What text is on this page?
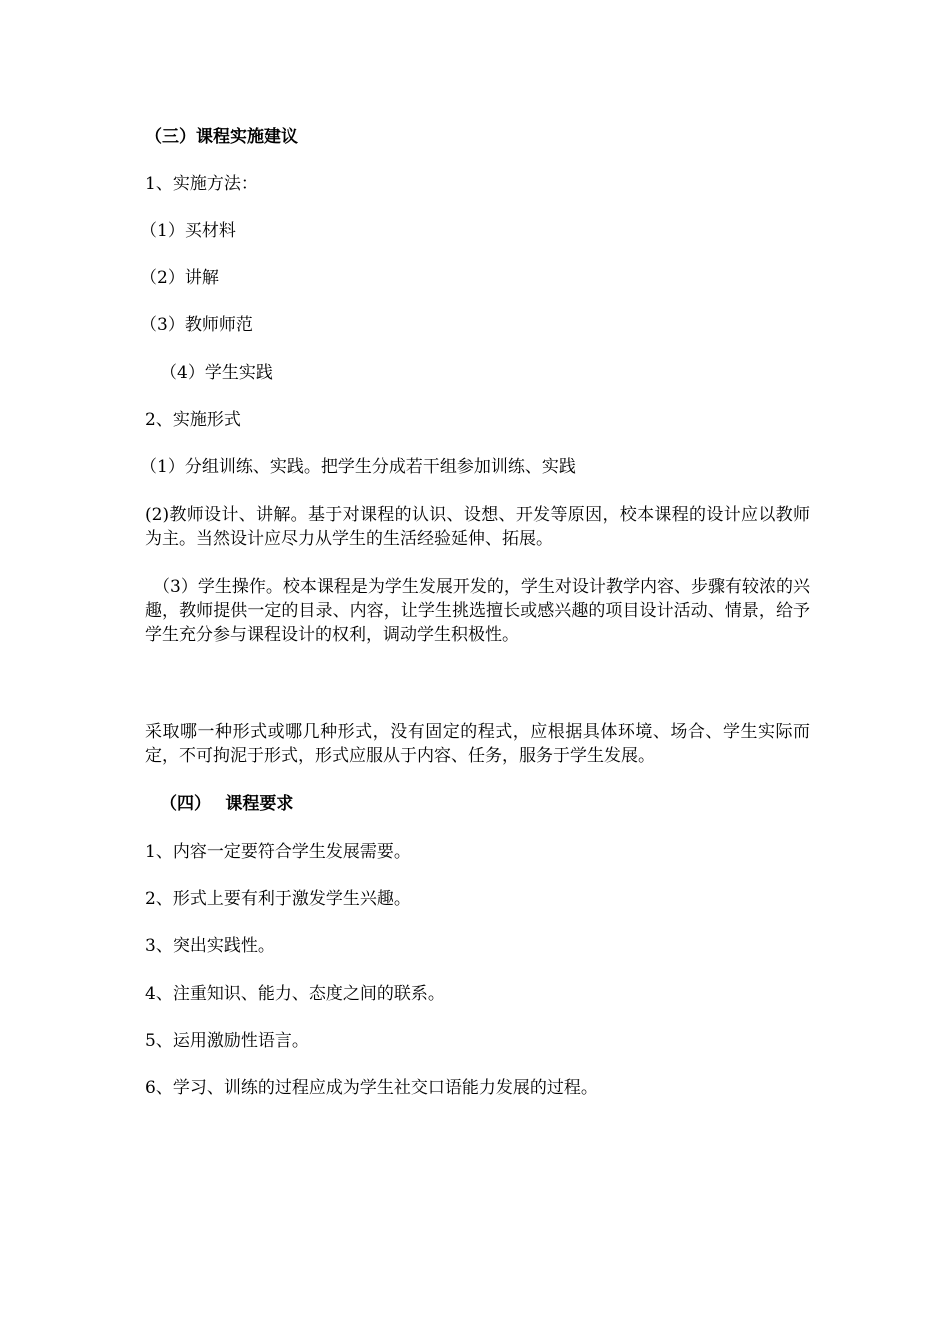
（三）课程实施建议
1、实施方法：
（1）买材料
（2）讲解
（3）教师师范
（4）学生实践
2、实施形式
（1）分组训练、实践。把学生分成若干组参加训练、实践
(2)教师设计、讲解。基于对课程的认识、设想、开发等原因，校本课程的设计应以教师为主。当然设计应尽力从学生的生活经验延伸、拓展。
（3）学生操作。校本课程是为学生发展开发的，学生对设计教学内容、步骤有较浓的兴趣，教师提供一定的目录、内容，让学生挑选擅长或感兴趣的项目设计活动、情景，给予学生充分参与课程设计的权利，调动学生积极性。
采取哪一种形式或哪几种形式，没有固定的程式，应根据具体环境、场合、学生实际而定，不可拘泥于形式，形式应服从于内容、任务，服务于学生发展。
（四）　 课程要求
1、内容一定要符合学生发展需要。
2、形式上要有利于激发学生兴趣。
3、突出实践性。
4、注重知识、能力、态度之间的联系。
5、运用激励性语言。
6、学习、训练的过程应成为学生社交口语能力发展的过程。
